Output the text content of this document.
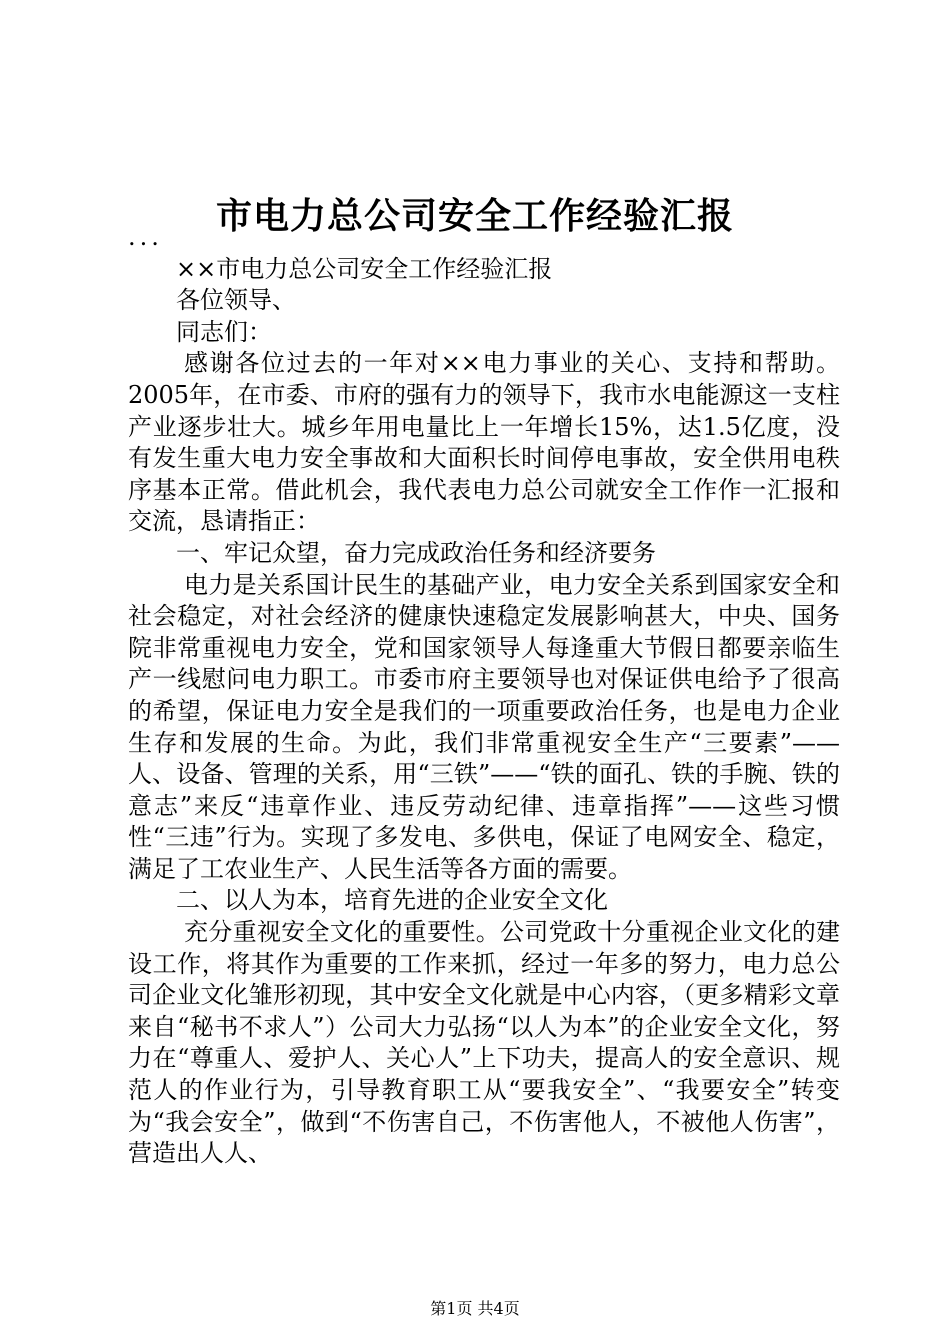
市电力总公司安全工作经验汇报

...

××市电力总公司安全工作经验汇报

各位领导、

同志们：

感谢各位过去的一年对××电力事业的关心、支持和帮助。2005年，在市委、市府的强有力的领导下，我市水电能源这一支柱产业逐步壮大。城乡年用电量比上一年增长15%，达1.5亿度，没有发生重大电力安全事故和大面积长时间停电事故，安全供用电秩序基本正常。借此机会，我代表电力总公司就安全工作作一汇报和交流，恳请指正：

一、牢记众望，奋力完成政治任务和经济要务

电力是关系国计民生的基础产业，电力安全关系到国家安全和社会稳定，对社会经济的健康快速稳定发展影响甚大，中央、国务院非常重视电力安全，党和国家领导人每逢重大节假日都要亲临生产一线慰问电力职工。市委市府主要领导也对保证供电给予了很高的希望，保证电力安全是我们的一项重要政治任务，也是电力企业生存和发展的生命。为此，我们非常重视安全生产“三要素”——人、设备、管理的关系，用“三铁”——“铁的面孔、铁的手腕、铁的意志”来反“违章作业、违反劳动纪律、违章指挥”——这些习惯性“三违”行为。实现了多发电、多供电，保证了电网安全、稳定，满足了工农业生产、人民生活等各方面的需要。

二、以人为本，培育先进的企业安全文化

充分重视安全文化的重要性。公司党政十分重视企业文化的建设工作，将其作为重要的工作来抓，经过一年多的努力，电力总公司企业文化雏形初现，其中安全文化就是中心内容，（更多精彩文章来自“秘书不求人”）公司大力弘扬“以人为本”的企业安全文化，努力在“尊重人、爱护人、关心人”上下功夫，提高人的安全意识、规范人的作业行为，引导教育职工从“要我安全”、“我要安全”转变为“我会安全”，做到“不伤害自己，不伤害他人，不被他人伤害”，营造出人人、

第1页 共4页
